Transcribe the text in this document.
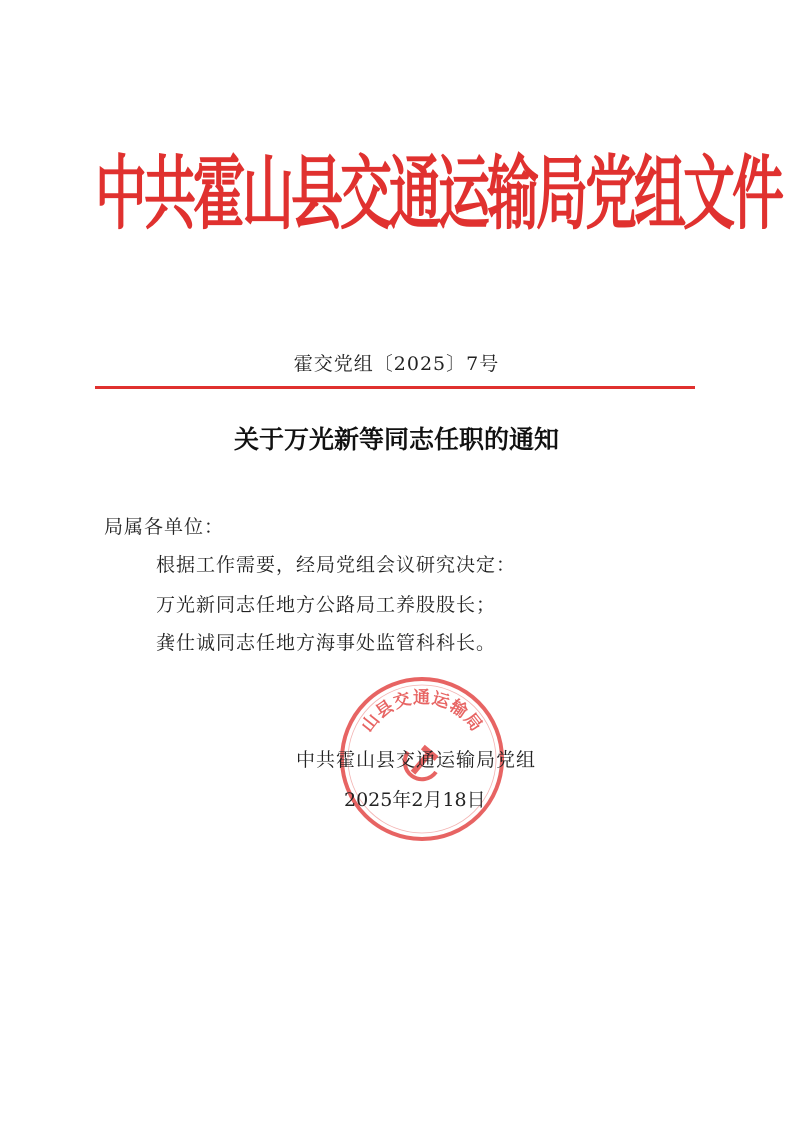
中共霍山县交通运输局党组文件
霍交党组〔2025〕7号
关于万光新等同志任职的通知
局属各单位：
根据工作需要，经局党组会议研究决定：
万光新同志任地方公路局工养股股长；
龚仕诚同志任地方海事处监管科科长。
山县交通运输局
中共霍山县交通运输局党组
2025年2月18日
